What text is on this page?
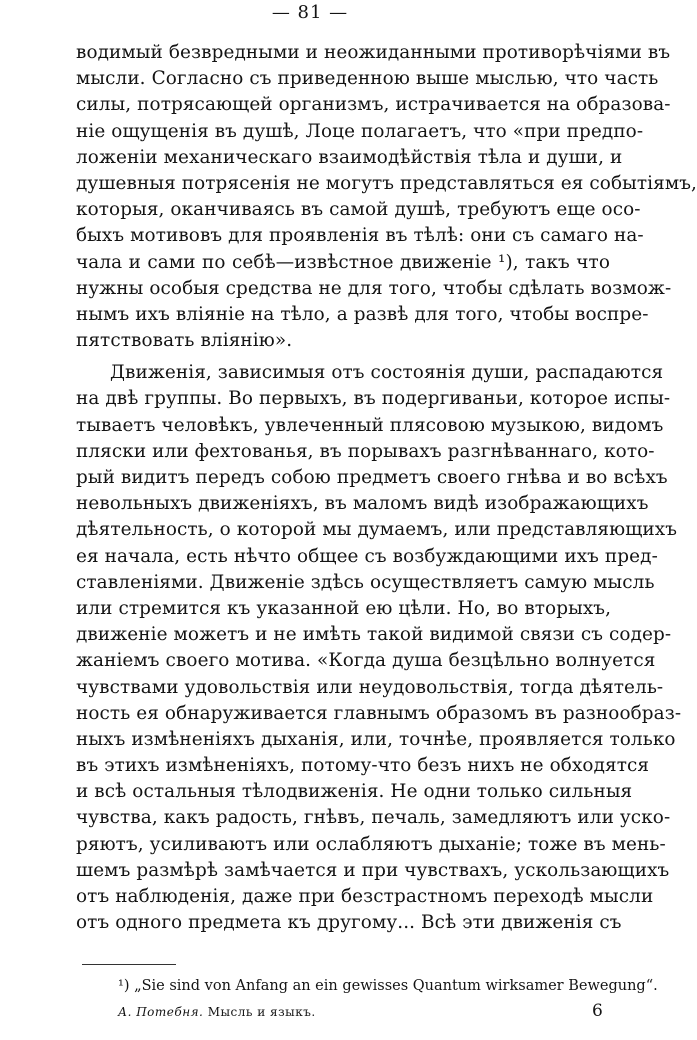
— 81 —
водимый безвредными и неожиданными противорѣчiями въ
мысли. Согласно съ приведенною выше мыслью, что часть
силы, потрясающей организмъ, истрачивается на образова-
нiе ощущенiя въ душѣ, Лоце полагаетъ, что «при предпо-
ложенiи механическаго взаимодѣйствiя тѣла и души, и
душевныя потрясенiя не могутъ представляться ея событiямъ,
которыя, оканчиваясь въ самой душѣ, требуютъ еще осо-
быхъ мотивовъ для проявленiя въ тѣлѣ: они съ самаго на-
чала и сами по себѣ—извѣстное движенiе ¹), такъ что
нужны особыя средства не для того, чтобы сдѣлать возмож-
нымъ ихъ влiянiе на тѣло, а развѣ для того, чтобы воспре-
пятствовать влiянiю».
Движенiя, зависимыя отъ состоянiя души, распадаются
на двѣ группы. Во первыхъ, въ подергиваньи, которое испы-
тываетъ человѣкъ, увлеченный плясовою музыкою, видомъ
пляски или фехтованья, въ порывахъ разгнѣваннаго, кото-
рый видитъ передъ собою предметъ своего гнѣва и во всѣхъ
невольныхъ движенiяхъ, въ маломъ видѣ изображающихъ
дѣятельность, о которой мы думаемъ, или представляющихъ
ея начала, есть нѣчто общее съ возбуждающими ихъ пред-
ставленiями. Движенiе здѣсь осуществляетъ самую мысль
или стремится къ указанной ею цѣли. Но, во вторыхъ,
движенiе можетъ и не имѣть такой видимой связи съ содер-
жанiемъ своего мотива. «Когда душа безцѣльно волнуется
чувствами удовольствiя или неудовольствiя, тогда дѣятель-
ность ея обнаруживается главнымъ образомъ въ разнообраз-
ныхъ измѣненiяхъ дыханiя, или, точнѣе, проявляется только
въ этихъ измѣненiяхъ, потому-что безъ нихъ не обходятся
и всѣ остальныя тѣлодвиженiя. Не одни только сильныя
чувства, какъ радость, гнѣвъ, печаль, замедляютъ или уско-
ряютъ, усиливаютъ или ослабляютъ дыханiе; тоже въ мень-
шемъ размѣрѣ замѣчается и при чувствахъ, ускользающихъ
отъ наблюденiя, даже при безстрастномъ переходѣ мысли
отъ одного предмета къ другому... Всѣ эти движенiя съ
¹) „Sie sind von Anfang an ein gewisses Quantum wirksamer Bewegung“.
А. Потебня. Мысль и языкъ.	6
